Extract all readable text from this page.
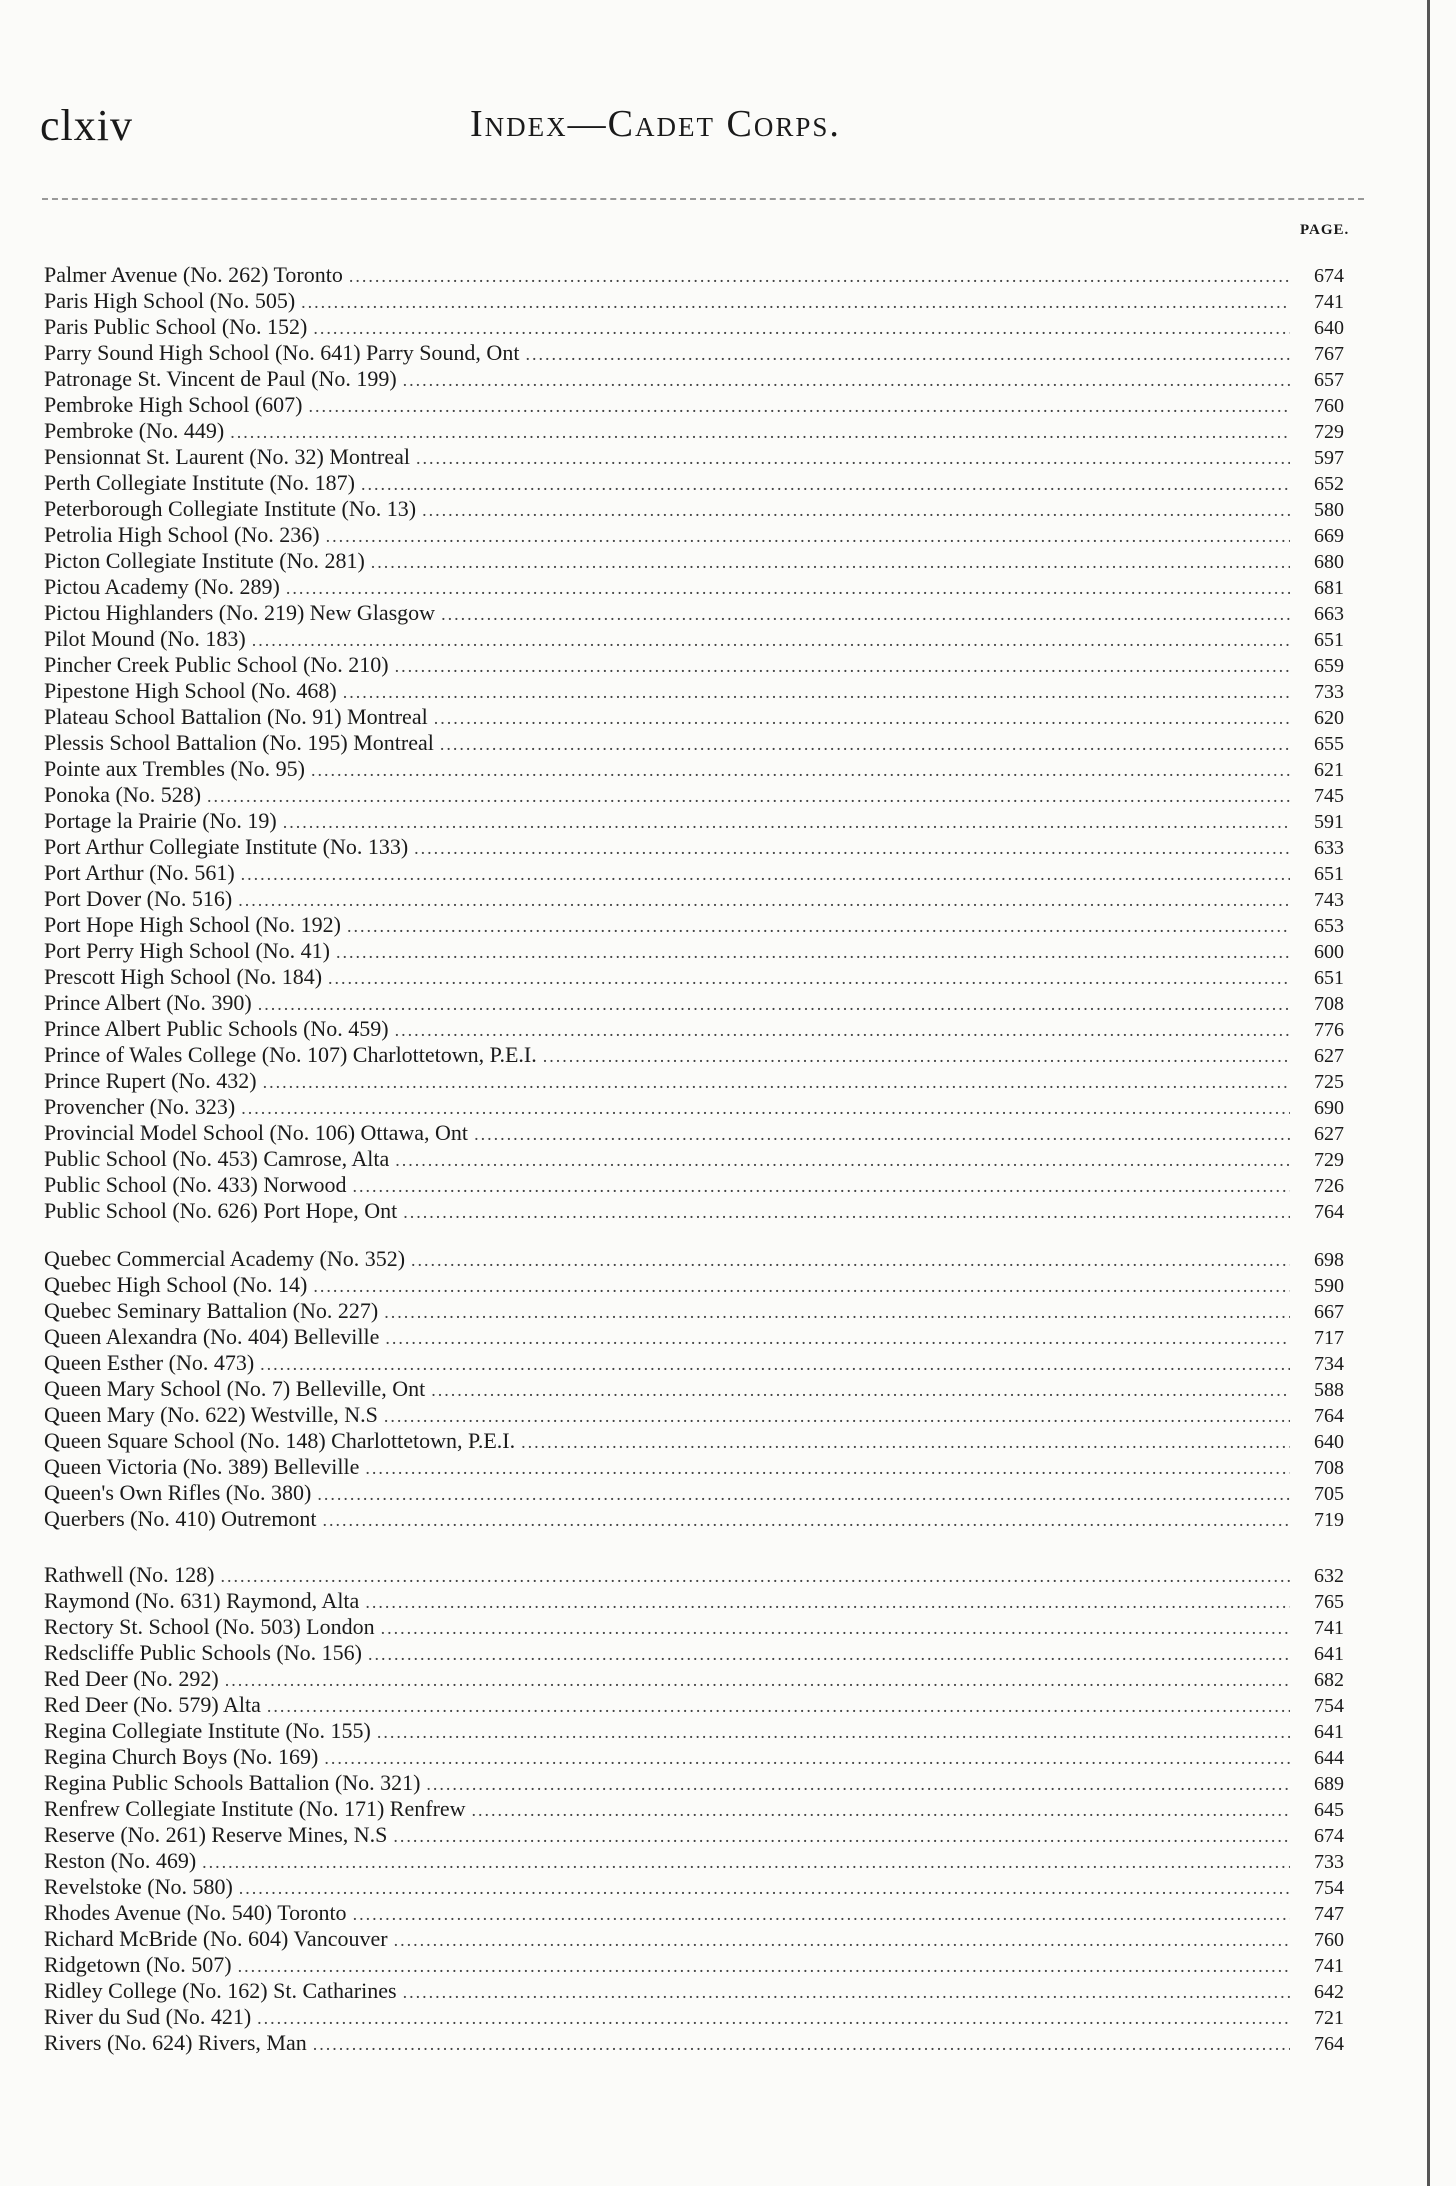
clxiv	Index—Cadet Corps.
PAGE.
Palmer Avenue (No. 262) Toronto .....	674
Paris High School (No. 505) .....	741
Paris Public School (No. 152) .....	640
Parry Sound High School (No. 641) Parry Sound, Ont .....	767
Patronage St. Vincent de Paul (No. 199) .....	657
Pembroke High School (607) .....	760
Pembroke (No. 449) .....	729
Pensionnat St. Laurent (No. 32) Montreal .....	597
Perth Collegiate Institute (No. 187) .....	652
Peterborough Collegiate Institute (No. 13) .....	580
Petrolia High School (No. 236) .....	669
Picton Collegiate Institute (No. 281) .....	680
Pictou Academy (No. 289) .....	681
Pictou Highlanders (No. 219) New Glasgow .....	663
Pilot Mound (No. 183) .....	651
Pincher Creek Public School (No. 210) .....	659
Pipestone High School (No. 468) .....	733
Plateau School Battalion (No. 91) Montreal .....	620
Plessis School Battalion (No. 195) Montreal .....	655
Pointe aux Trembles (No. 95) .....	621
Ponoka (No. 528) .....	745
Portage la Prairie (No. 19) .....	591
Port Arthur Collegiate Institute (No. 133) .....	633
Port Arthur (No. 561) .....	651
Port Dover (No. 516) .....	743
Port Hope High School (No. 192) .....	653
Port Perry High School (No. 41) .....	600
Prescott High School (No. 184) .....	651
Prince Albert (No. 390) .....	708
Prince Albert Public Schools (No. 459) .....	776
Prince of Wales College (No. 107) Charlottetown, P.E.I. .....	627
Prince Rupert (No. 432) .....	725
Provencher (No. 323) .....	690
Provincial Model School (No. 106) Ottawa, Ont .....	627
Public School (No. 453) Camrose, Alta .....	729
Public School (No. 433) Norwood .....	726
Public School (No. 626) Port Hope, Ont .....	764
Quebec Commercial Academy (No. 352) .....	698
Quebec High School (No. 14) .....	590
Quebec Seminary Battalion (No. 227) .....	667
Queen Alexandra (No. 404) Belleville .....	717
Queen Esther (No. 473) .....	734
Queen Mary School (No. 7) Belleville, Ont .....	588
Queen Mary (No. 622) Westville, N.S .....	764
Queen Square School (No. 148) Charlottetown, P.E.I. .....	640
Queen Victoria (No. 389) Belleville .....	708
Queen's Own Rifles (No. 380) .....	705
Querbers (No. 410) Outremont .....	719
Rathwell (No. 128) .....	632
Raymond (No. 631) Raymond, Alta .....	765
Rectory St. School (No. 503) London .....	741
Redscliffe Public Schools (No. 156) .....	641
Red Deer (No. 292) .....	682
Red Deer (No. 579) Alta .....	754
Regina Collegiate Institute (No. 155) .....	641
Regina Church Boys (No. 169) .....	644
Regina Public Schools Battalion (No. 321) .....	689
Renfrew Collegiate Institute (No. 171) Renfrew .....	645
Reserve (No. 261) Reserve Mines, N.S .....	674
Reston (No. 469) .....	733
Revelstoke (No. 580) .....	754
Rhodes Avenue (No. 540) Toronto .....	747
Richard McBride (No. 604) Vancouver .....	760
Ridgetown (No. 507) .....	741
Ridley College (No. 162) St. Catharines .....	642
River du Sud (No. 421) .....	721
Rivers (No. 624) Rivers, Man .....	764
